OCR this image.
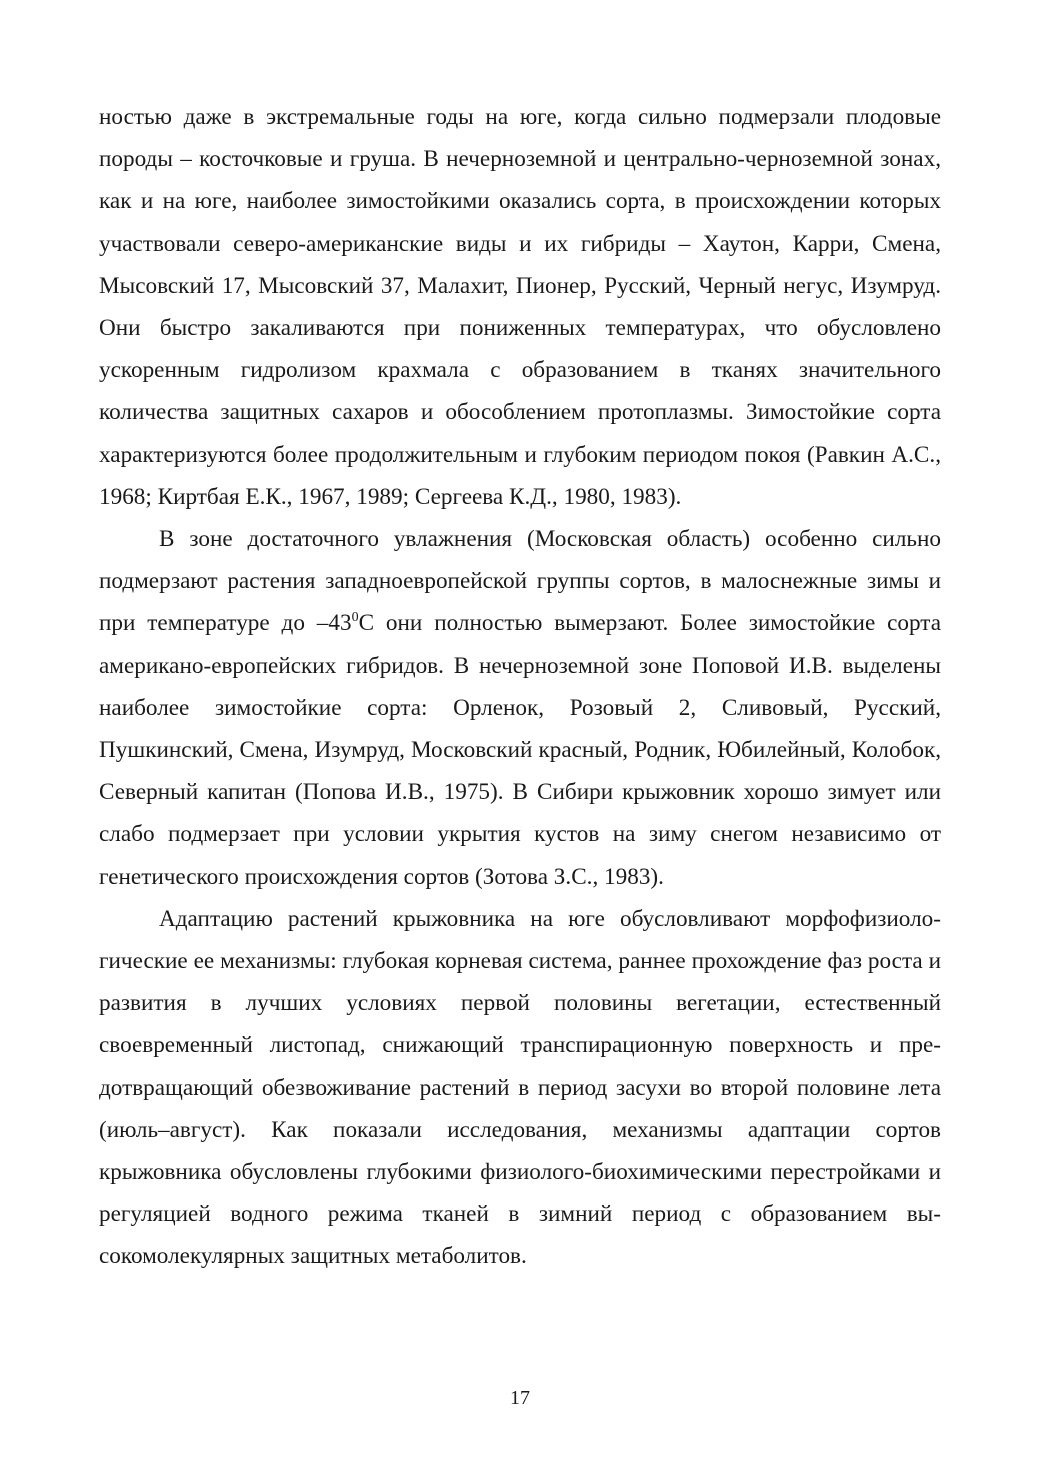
ностью даже в экстремальные годы на юге, когда сильно подмерзали плодовые породы – косточковые и груша. В нечерноземной и центрально-черноземной зонах, как и на юге, наиболее зимостойкими оказались сорта, в происхождении которых участвовали северо-американские виды и их гибриды – Хаутон, Карри, Смена, Мысовский 17, Мысовский 37, Малахит, Пионер, Русский, Черный негус, Изумруд. Они быстро закаливаются при пониженных температурах, что обусловлено ускоренным гидролизом крахмала с образованием в тканях значительного количества защитных сахаров и обособлением протоплазмы. Зимостойкие сорта характеризуются более продолжительным и глубоким периодом покоя (Равкин А.С., 1968; Киртбая Е.К., 1967, 1989; Сергеева К.Д., 1980, 1983).

В зоне достаточного увлажнения (Московская область) особенно сильно подмерзают растения западноевропейской группы сортов, в малоснежные зимы и при температуре до $-43^0С$ они полностью вымерзают. Более зимостойкие сорта американо-европейских гибридов. В нечерноземной зоне Поповой И.В. выделены наиболее зимостойкие сорта: Орленок, Розовый 2, Сливовый, Русский, Пушкинский, Смена, Изумруд, Московский красный, Родник, Юбилейный, Колобок, Северный капитан (Попова И.В., 1975). В Сибири крыжовник хорошо зимует или слабо подмерзает при условии укрытия кустов на зиму снегом независимо от генетического происхождения сортов (Зотова З.С., 1983).

Адаптацию растений крыжовника на юге обусловливают морфофизиологические ее механизмы: глубокая корневая система, раннее прохождение фаз роста и развития в лучших условиях первой половины вегетации, естественный своевременный листопад, снижающий транспирационную поверхность и предотвращающий обезвоживание растений в период засухи во второй половине лета (июль–август). Как показали исследования, механизмы адаптации сортов крыжовника обусловлены глубокими физиолого-биохимическими перестройками и регуляцией водного режима тканей в зимний период с образованием высокомолекулярных защитных метаболитов.

17
